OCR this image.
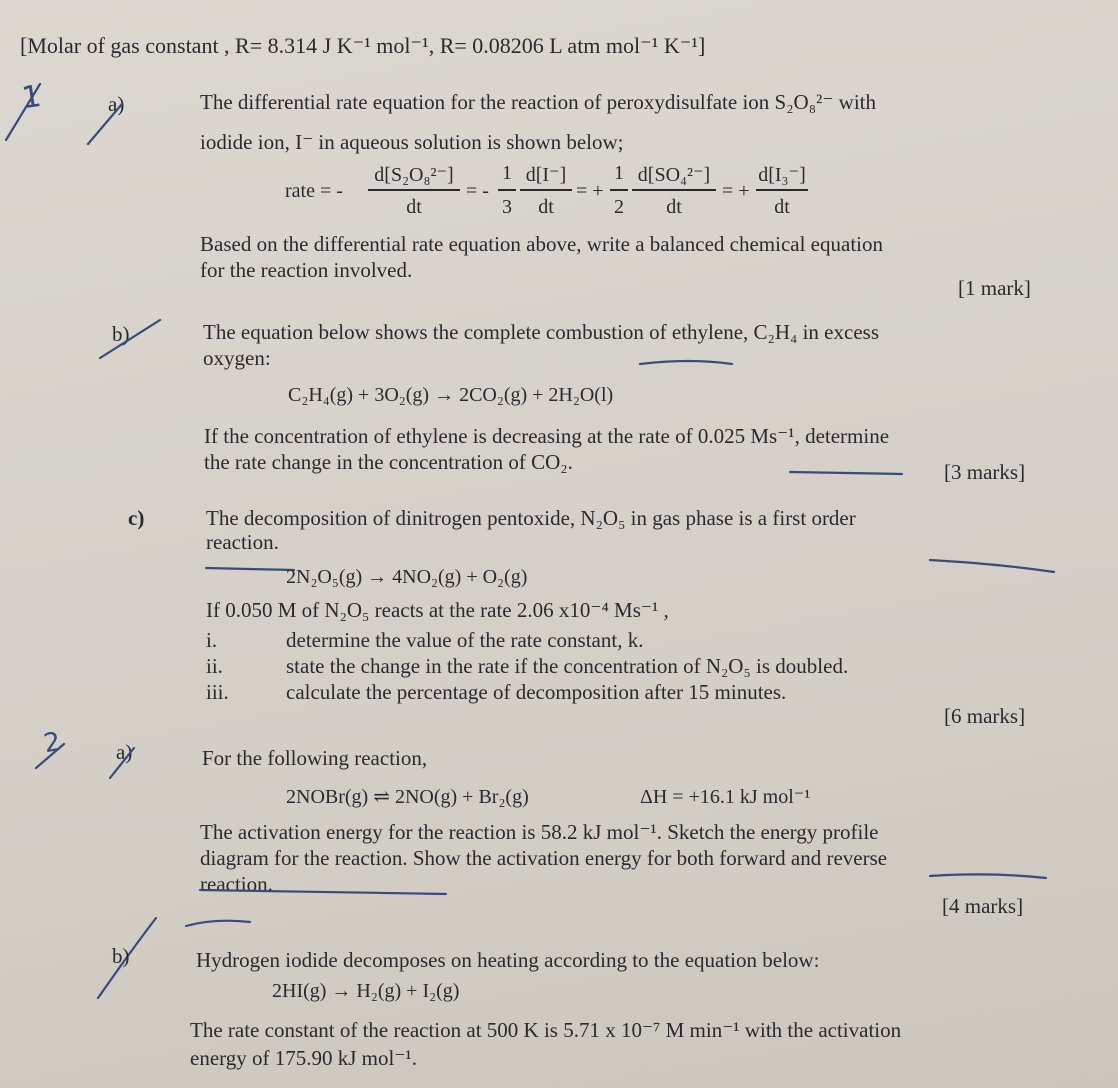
[Molar of gas constant , R= 8.314 J K⁻¹ mol⁻¹, R= 0.08206 L atm mol⁻¹ K⁻¹]
1	a)	The differential rate equation for the reaction of peroxydisulfate ion S₂O₈²⁻ with
iodide ion, I⁻ in aqueous solution is shown below;
rate = -
d[S₂O₈²⁻]
dt
= -
1
3
d[I⁻]
dt
= +
1
2
d[SO₄²⁻]
dt
= +
d[I₃⁻]
dt
Based on the differential rate equation above, write a balanced chemical equation
for the reaction involved.
[1 mark]
b)	The equation below shows the complete combustion of ethylene, C₂H₄ in excess
oxygen:
C₂H₄(g) + 3O₂(g) → 2CO₂(g) + 2H₂O(l)
If the concentration of ethylene is decreasing at the rate of 0.025 Ms⁻¹, determine
the rate change in the concentration of CO₂.	[3 marks]
c)	The decomposition of dinitrogen pentoxide, N₂O₅ in gas phase is a first order
reaction.
2N₂O₅(g) → 4NO₂(g) + O₂(g)
If 0.050 M of N₂O₅ reacts at the rate 2.06 x10⁻⁴ Ms⁻¹ ,
i.	determine the value of the rate constant, k.
ii.	state the change in the rate if the concentration of N₂O₅ is doubled.
iii.	calculate the percentage of decomposition after 15 minutes.
[6 marks]
2	a)	For the following reaction,
2NOBr(g) ⇌ 2NO(g) + Br₂(g)	ΔH = +16.1 kJ mol⁻¹
The activation energy for the reaction is 58.2 kJ mol⁻¹. Sketch the energy profile
diagram for the reaction. Show the activation energy for both forward and reverse
reaction.
[4 marks]
b)	Hydrogen iodide decomposes on heating according to the equation below:
2HI(g) → H₂(g) + I₂(g)
The rate constant of the reaction at 500 K is 5.71 x 10⁻⁷ M min⁻¹ with the activation
energy of 175.90 kJ mol⁻¹.
